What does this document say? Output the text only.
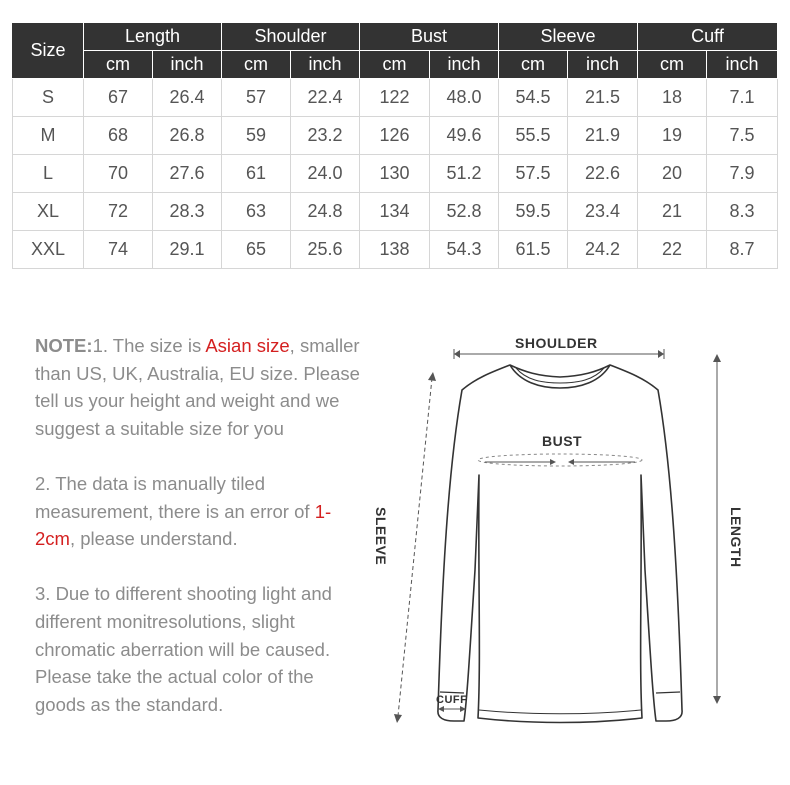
Size	Length		Shoulder		Bust		Sleeve		Cuff	
	cm	inch	cm	inch	cm	inch	cm	inch	cm	inch
S	67	26.4	57	22.4	122	48.0	54.5	21.5	18	7.1
M	68	26.8	59	23.2	126	49.6	55.5	21.9	19	7.5
L	70	27.6	61	24.0	130	51.2	57.5	22.6	20	7.9
XL	72	28.3	63	24.8	134	52.8	59.5	23.4	21	8.3
XXL	74	29.1	65	25.6	138	54.3	61.5	24.2	22	8.7

NOTE:1. The size is Asian size, smaller than US, UK, Australia, EU size. Please tell us your height and weight and we suggest a suitable size for you

2. The data is manually tiled measurement, there is an error of 1-2cm, please understand.

3. Due to different shooting light and different monitresolutions, slight chromatic aberration will be caused. Please take the actual color of the goods as the standard.

SHOULDER
BUST
SLEEVE	LENGTH
CUFF
